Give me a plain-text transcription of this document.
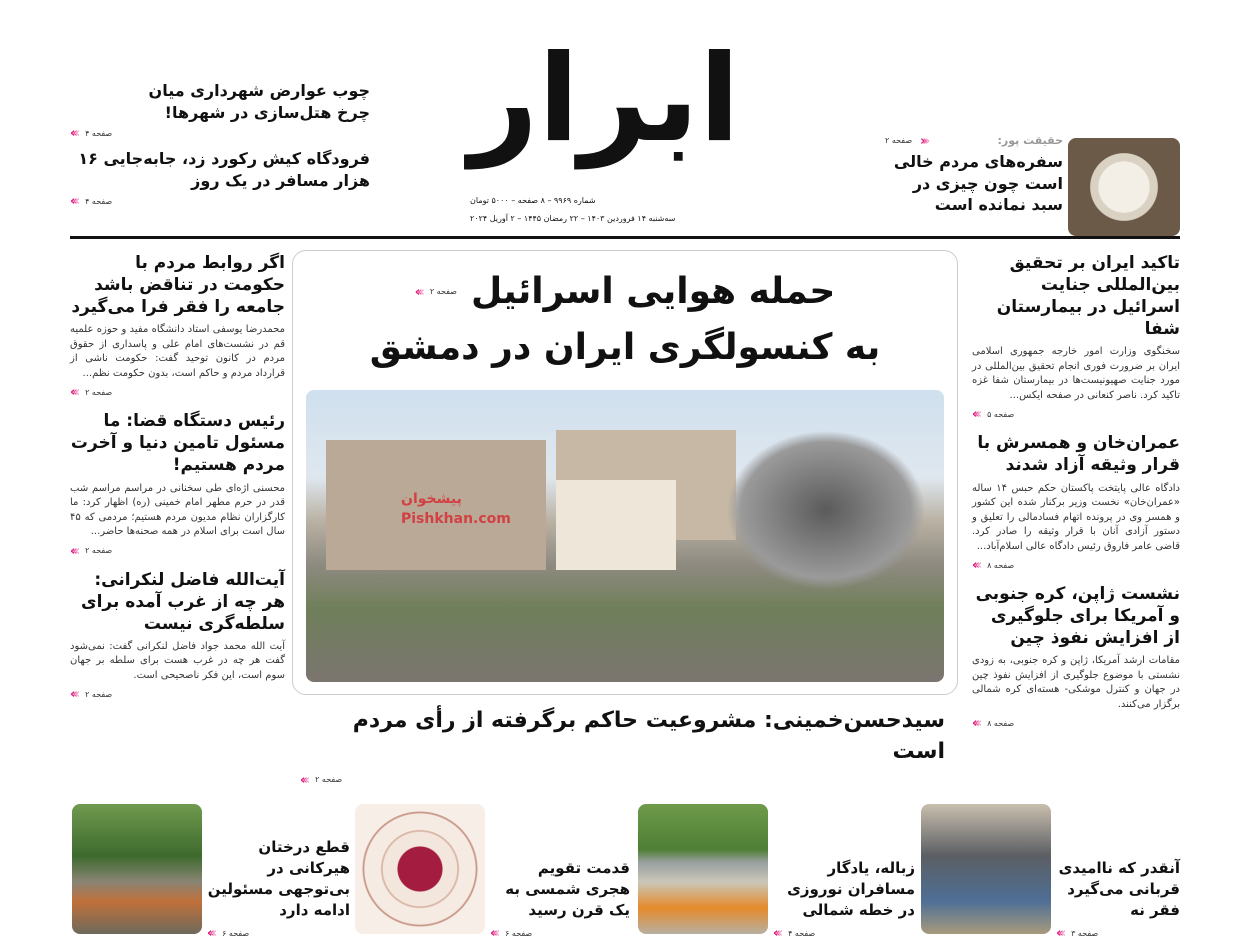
ابرار
شماره ۹۹۶۹ – ۸ صفحه – ۵۰۰۰ تومان
سه‌شنبه ۱۴ فروردین ۱۴۰۳ – ۲۲ رمضان ۱۴۴۵ – ۲ آوریل ۲۰۲۴
حقیقت پور:
صفحه ۲ ›››
سفره‌های مردم خالی است چون چیزی در سبد نمانده است
چوب عوارض شهرداری میان چرخ هتل‌سازی در شهرها!
‹‹‹ صفحه ۴
فرودگاه کیش رکورد زد، جابه‌جایی ۱۶ هزار مسافر در یک روز
‹‹‹ صفحه ۴
حمله هوایی اسرائیل
‹‹‹ صفحه ۲
به کنسولگری ایران در دمشق
پیشخوان Pishkhan.com
سیدحسن‌خمینی: مشروعیت حاکم برگرفته از رأی مردم است
‹‹‹ صفحه ۲
اگر روابط مردم با حکومت در تناقض باشد جامعه را فقر فرا می‌گیرد
محمدرضا یوسفی استاد دانشگاه مفید و حوزه علمیه قم در نشست‌های امام علی و پاسداری از حقوق مردم در کانون توحید گفت: حکومت ناشی از قرارداد مردم و حاکم است، بدون حکومت نظم...
‹‹‹ صفحه ۲
رئیس دستگاه قضا: ما مسئول تامین دنیا و آخرت مردم هستیم!
محسنی اژه‌ای طی سخنانی در مراسم مراسم شب قدر در حرم مطهر امام خمینی (ره) اظهار کرد: ما کارگزاران نظام مدیون مردم هستیم؛ مردمی که ۴۵ سال است برای اسلام در همه صحنه‌ها حاضر...
‹‹‹ صفحه ۲
آیت‌الله فاضل لنکرانی: هر چه از غرب آمده برای سلطه‌گری نیست
آیت الله محمد جواد فاضل لنکرانی گفت: نمی‌شود گفت هر چه در غرب هست برای سلطه بر جهان سوم است، این فکر ناصحیحی است.
‹‹‹ صفحه ۲
تاکید ایران بر تحقیق بین‌المللی جنایت اسرائیل در بیمارستان شفا
سخنگوی وزارت امور خارجه جمهوری اسلامی ایران بر ضرورت فوری انجام تحقیق بین‌المللی در مورد جنایت صهیونیست‌ها در بیمارستان شفا غزه تاکید کرد. ناصر کنعانی در صفحه ایکس...
‹‹‹ صفحه ۵
عمران‌خان و همسرش با قرار وثیقه آزاد شدند
دادگاه عالی پایتخت پاکستان حکم حبس ۱۴ ساله «عمران‌خان» نخست وزیر برکنار شده این کشور و همسر وی در پرونده اتهام فسادمالی را تعلیق و دستور آزادی آنان با قرار وثیقه را صادر کرد. قاضی عامر فاروق رئیس دادگاه عالی اسلام‌آباد...
‹‹‹ صفحه ۸
نشست ژاپن، کره جنوبی و آمریکا برای جلوگیری از افزایش نفوذ چین
مقامات ارشد آمریکا، ژاپن و کره جنوبی، به زودی نشستی با موضوع جلوگیری از افزایش نفوذ چین در جهان و کنترل موشکی- هسته‌ای کره شمالی برگزار می‌کنند.
‹‹‹ صفحه ۸
آنقدر که ناامیدی قربانی می‌گیرد فقر نه
‹‹‹ صفحه ۳
زباله، یادگار مسافران نوروزی در خطه شمالی
‹‹‹ صفحه ۴
قدمت تقویم هجری شمسی به یک قرن رسید
‹‹‹ صفحه ۶
قطع درختان هیرکانی در بی‌توجهی مسئولین ادامه دارد
‹‹‹ صفحه ۶
